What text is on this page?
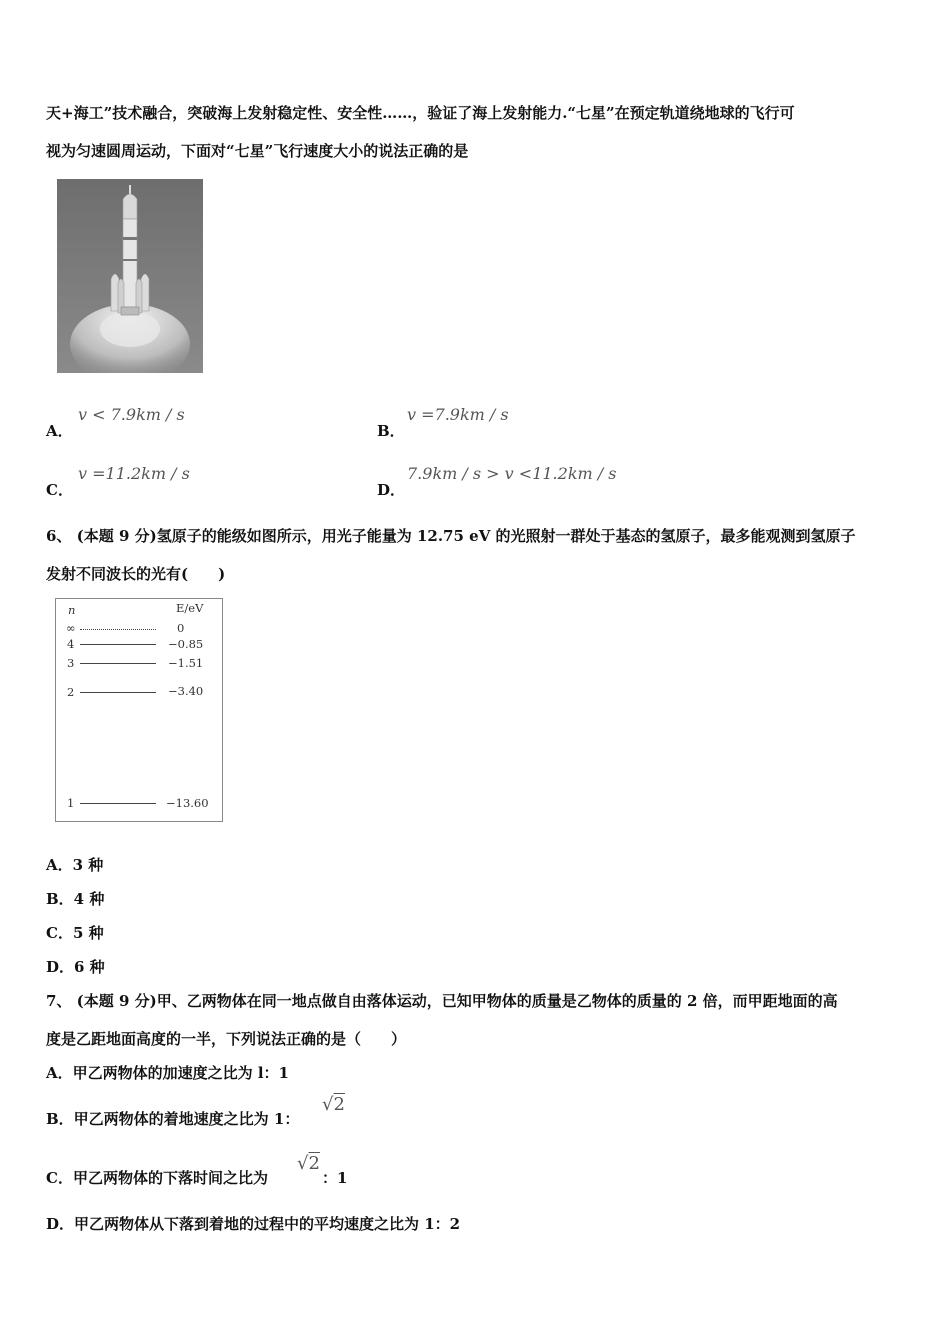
天+海工”技术融合，突破海上发射稳定性、安全性……，验证了海上发射能力.“七星”在预定轨道绕地球的飞行可
视为匀速圆周运动，下面对“七星”飞行速度大小的说法正确的是
A．
v < 7.9km / s
B．
v =7.9km / s
C．
v =11.2km / s
D．
7.9km / s > v <11.2km / s
6、 (本题 9 分)氢原子的能级如图所示，用光子能量为 12.75 eV 的光照射一群处于基态的氢原子，最多能观测到氢原子
发射不同波长的光有(　　)
n	E/eV
∞	0
4	−0.85
3	−1.51
2	−3.40
1	−13.60
A．3 种
B．4 种
C．5 种
D．6 种
7、 (本题 9 分)甲、乙两物体在同一地点做自由落体运动，已知甲物体的质量是乙物体的质量的 2 倍，而甲距地面的高
度是乙距地面高度的一半，下列说法正确的是（　　）
A．甲乙两物体的加速度之比为 l：1
B．甲乙两物体的着地速度之比为 1：
√2
C．甲乙两物体的下落时间之比为
√2
：1
D．甲乙两物体从下落到着地的过程中的平均速度之比为 1：2
